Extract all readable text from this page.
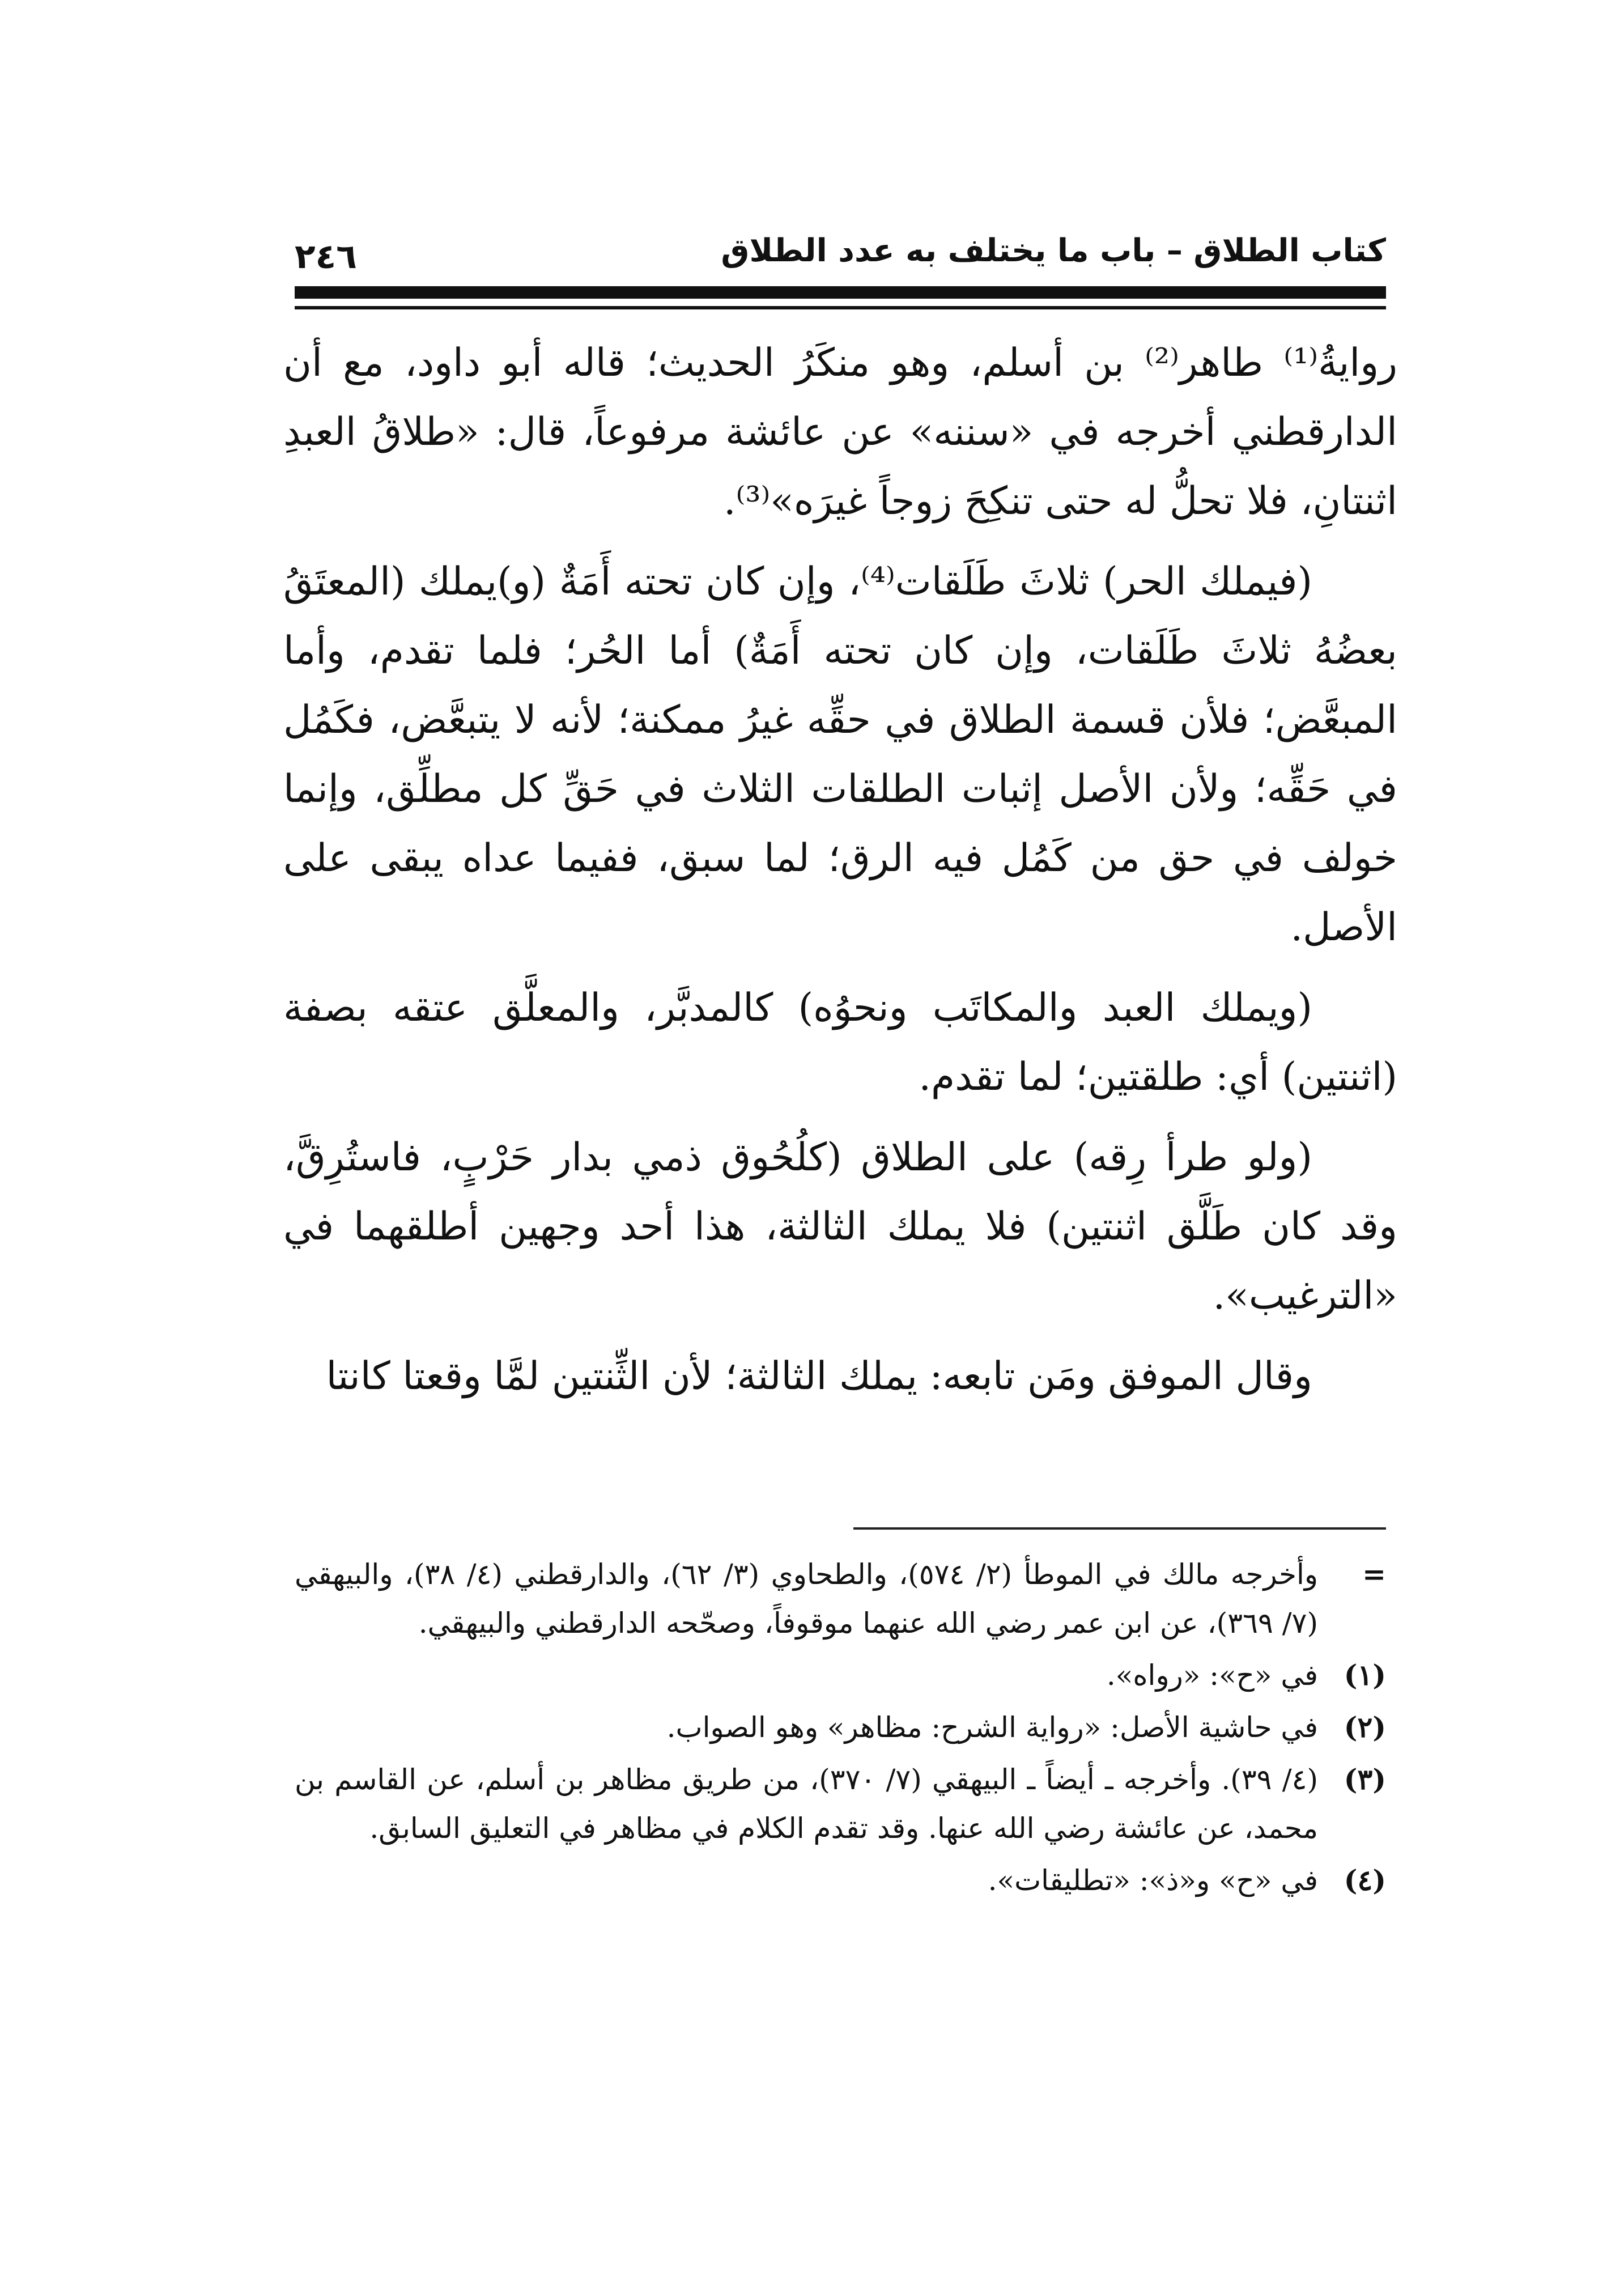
كتاب الطلاق – باب ما يختلف به عدد الطلاق
٢٤٦

روايةُ⁽¹⁾ طاهر⁽²⁾ بن أسلم، وهو منكَرُ الحديث؛ قاله أبو داود، مع أن الدارقطني أخرجه في «سننه» عن عائشة مرفوعاً، قال: «طلاقُ العبدِ اثنتانِ، فلا تحلُّ له حتى تنكِحَ زوجاً غيرَه»⁽³⁾.

(فيملك الحر) ثلاثَ طَلَقات⁽⁴⁾، وإن كان تحته أَمَةٌ (و)يملك (المعتَقُ بعضُهُ ثلاثَ طَلَقات، وإن كان تحته أَمَةٌ) أما الحُر؛ فلما تقدم، وأما المبعَّض؛ فلأن قسمة الطلاق في حقِّه غيرُ ممكنة؛ لأنه لا يتبعَّض، فكَمُل في حَقِّه؛ ولأن الأصل إثبات الطلقات الثلاث في حَقِّ كل مطلِّق، وإنما خولف في حق من كَمُل فيه الرق؛ لما سبق، ففيما عداه يبقى على الأصل.

(ويملك العبد والمكاتَب ونحوُه) كالمدبَّر، والمعلَّق عتقه بصفة (اثنتين) أي: طلقتين؛ لما تقدم.

(ولو طرأ رِقه) على الطلاق (كلُحُوق ذمي بدار حَرْبٍ، فاستُرِقَّ، وقد كان طَلَّق اثنتين) فلا يملك الثالثة، هذا أحد وجهين أطلقهما في «الترغيب».

وقال الموفق ومَن تابعه: يملك الثالثة؛ لأن الثِّنتين لمَّا وقعتا كانتا

=
وأخرجه مالك في الموطأ (٢/ ٥٧٤)، والطحاوي (٣/ ٦٢)، والدارقطني (٤/ ٣٨)، والبيهقي (٧/ ٣٦٩)، عن ابن عمر رضي الله عنهما موقوفاً، وصحّحه الدارقطني والبيهقي.
(١)
في «ح»: «رواه».
(٢)
في حاشية الأصل: «رواية الشرح: مظاهر» وهو الصواب.
(٣)
(٤/ ٣٩). وأخرجه ـ أيضاً ـ البيهقي (٧/ ٣٧٠)، من طريق مظاهر بن أسلم، عن القاسم بن محمد، عن عائشة رضي الله عنها. وقد تقدم الكلام في مظاهر في التعليق السابق.
(٤)
في «ح» و«ذ»: «تطليقات».
